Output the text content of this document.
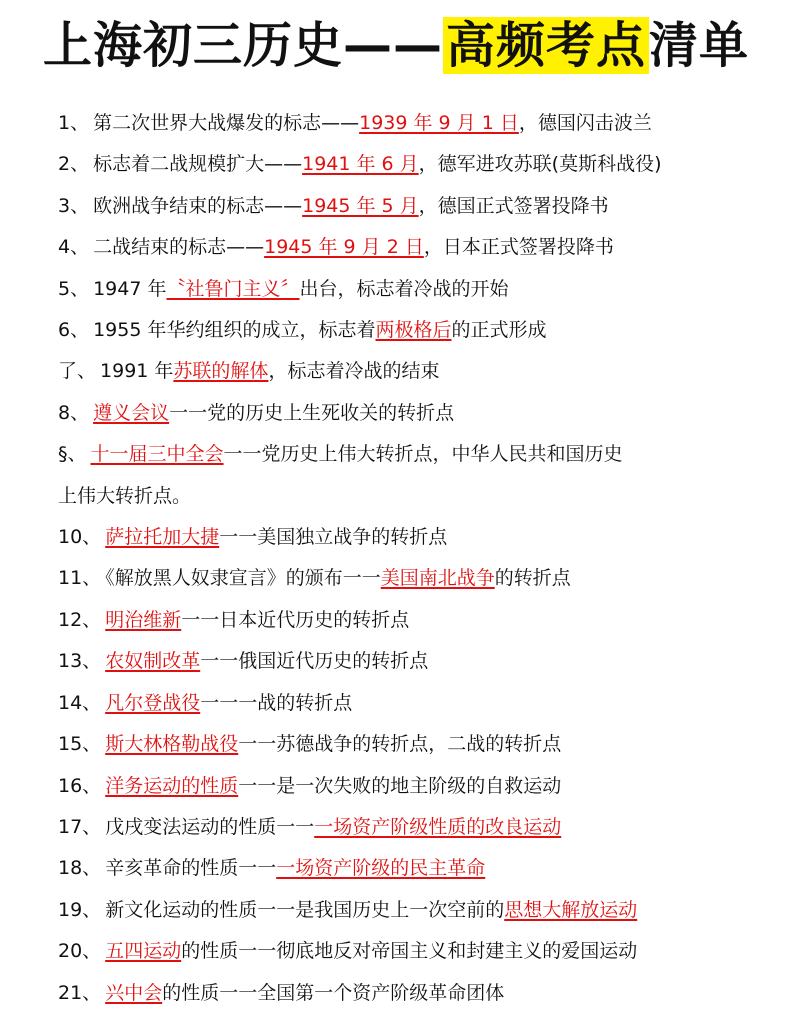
上海初三历史——高频考点清单
1、 第二次世界大战爆发的标志——1939 年 9 月 1 日，德国闪击波兰
2、 标志着二战规模扩大——1941 年 6 月，德军进攻苏联(莫斯科战役)
3、 欧洲战争结束的标志——1945 年 5 月，德国正式签署投降书
4、 二战结束的标志——1945 年 9 月 2 日，日本正式签署投降书
5、 1947 年〝社鲁门主义〞出台，标志着冷战的开始
6、 1955 年华约组织的成立，标志着两极格后的正式形成
了、 1991 年苏联的解体，标志着冷战的结束
8、 遵义会议一一党的历史上生死收关的转折点
§、 十一届三中全会一一党历史上伟大转折点，中华人民共和国历史
上伟大转折点。
10、 萨拉托加大捷一一美国独立战争的转折点
11、 《解放黑人奴隶宣言》的颁布一一美国南北战争的转折点
12、 明治维新一一日本近代历史的转折点
13、 农奴制改革一一俄国近代历史的转折点
14、 凡尔登战役一一一战的转折点
15、 斯大林格勒战役一一苏德战争的转折点，二战的转折点
16、 洋务运动的性质一一是一次失败的地主阶级的自救运动
17、 戊戌变法运动的性质一一一场资产阶级性质的改良运动
18、 辛亥革命的性质一一一场资产阶级的民主革命
19、 新文化运动的性质一一是我国历史上一次空前的思想大解放运动
20、 五四运动的性质一一彻底地反对帝国主义和封建主义的爱国运动
21、 兴中会的性质一一全国第一个资产阶级革命团体
